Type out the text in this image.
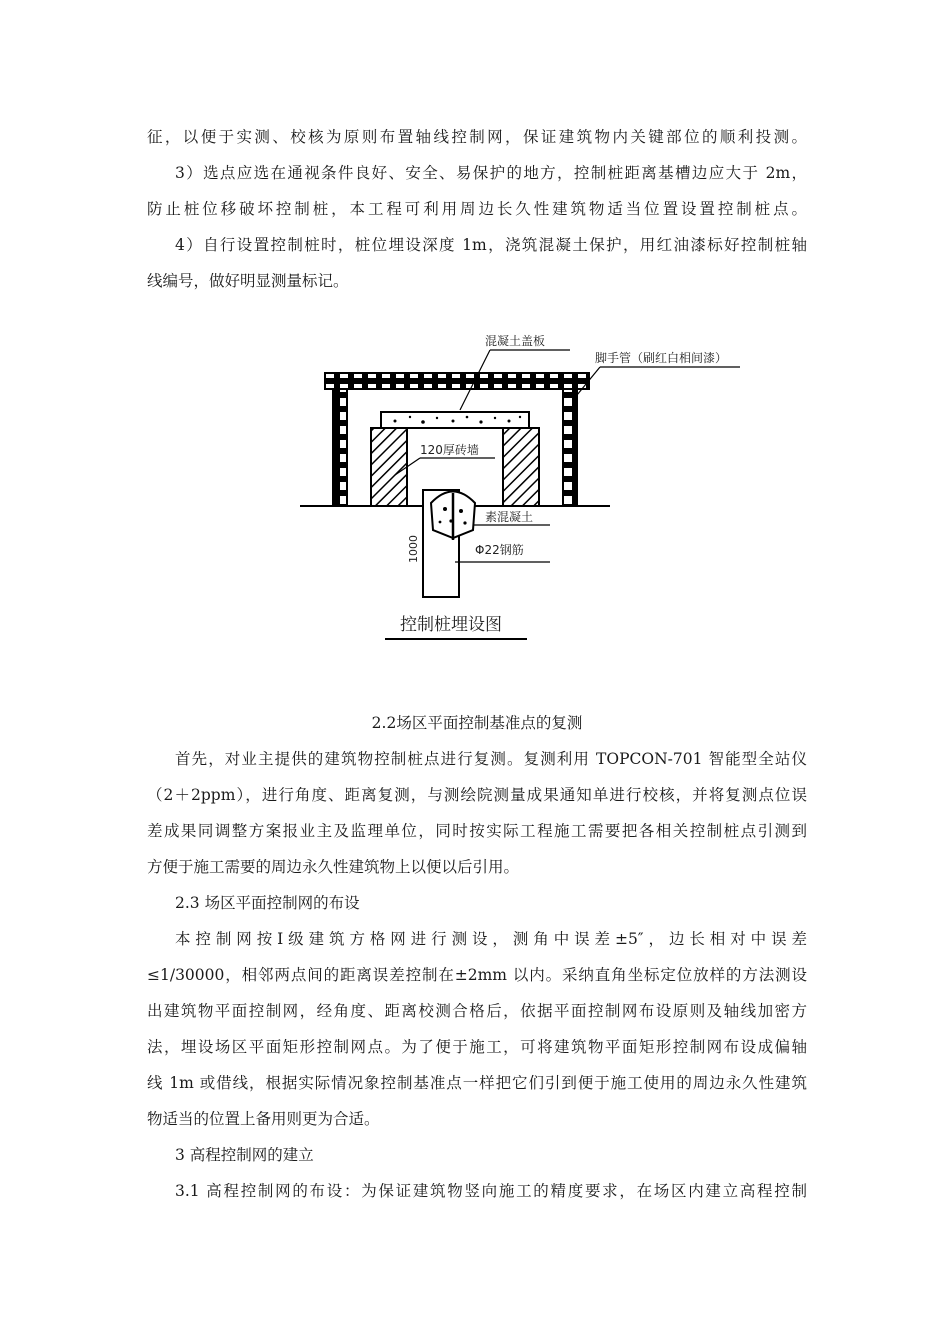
征，以便于实测、校核为原则布置轴线控制网，保证建筑物内关键部位的顺利投测。
3）选点应选在通视条件良好、安全、易保护的地方，控制桩距离基槽边应大于 2m，
防止桩位移破坏控制桩，本工程可利用周边长久性建筑物适当位置设置控制桩点。
4）自行设置控制桩时，桩位埋设深度 1m，浇筑混凝土保护，用红油漆标好控制桩轴
线编号，做好明显测量标记。
1000
混凝土盖板
脚手管（刷红白相间漆）
120厚砖墙
素混凝土
Φ22钢筋
控制桩埋设图
2.2场区平面控制基准点的复测
首先，对业主提供的建筑物控制桩点进行复测。复测利用 TOPCON-701 智能型全站仪
（2＋2ppm），进行角度、距离复测，与测绘院测量成果通知单进行校核，并将复测点位误
差成果同调整方案报业主及监理单位，同时按实际工程施工需要把各相关控制桩点引测到
方便于施工需要的周边永久性建筑物上以便以后引用。
2.3 场区平面控制网的布设
本控制网按Ⅰ级建筑方格网进行测设，测角中误差±5″，边长相对中误差
≤1/30000，相邻两点间的距离误差控制在±2mm 以内。采纳直角坐标定位放样的方法测设
出建筑物平面控制网，经角度、距离校测合格后，依据平面控制网布设原则及轴线加密方
法，埋设场区平面矩形控制网点。为了便于施工，可将建筑物平面矩形控制网布设成偏轴
线 1m 或借线，根据实际情况象控制基准点一样把它们引到便于施工使用的周边永久性建筑
物适当的位置上备用则更为合适。
3 高程控制网的建立
3.1 高程控制网的布设：为保证建筑物竖向施工的精度要求，在场区内建立高程控制
